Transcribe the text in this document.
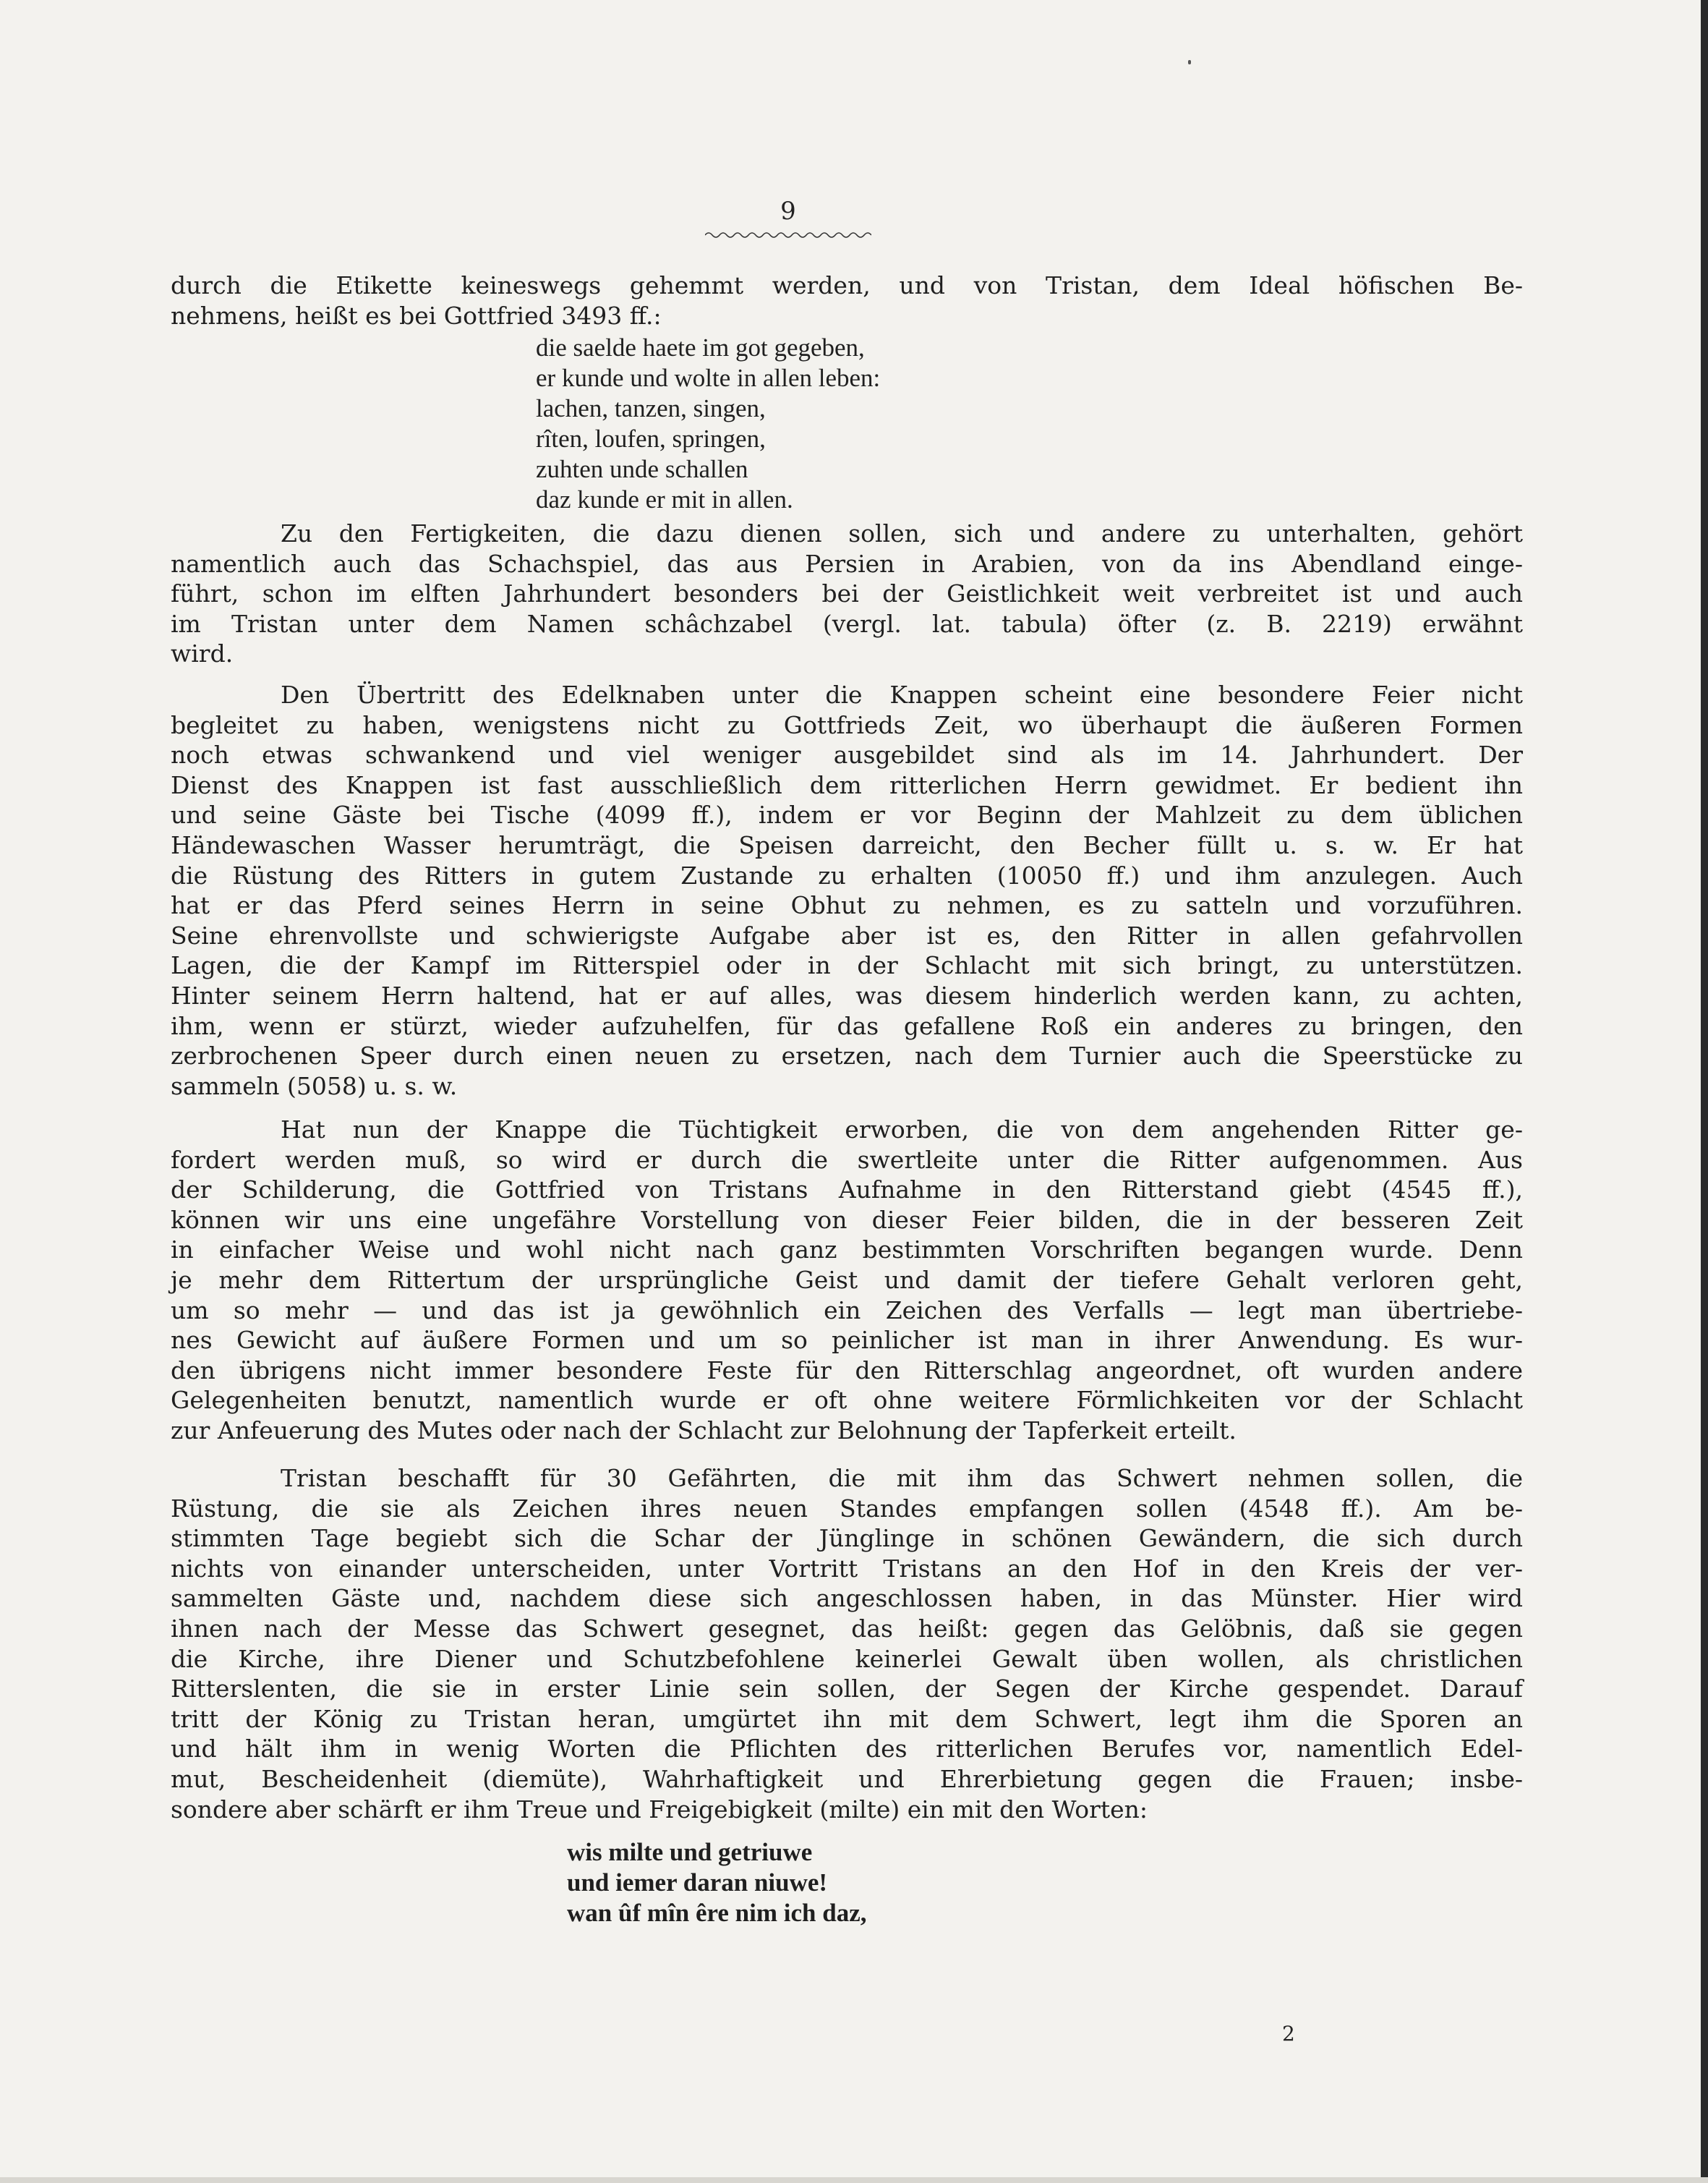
9
durch die Etikette keineswegs gehemmt werden, und von Tristan, dem Ideal höfischen Be-
nehmens, heißt es bei Gottfried 3493 ff.:
die saelde haete im got gegeben,
er kunde und wolte in allen leben:
lachen, tanzen, singen,
rîten, loufen, springen,
zuhten unde schallen
daz kunde er mit in allen.
Zu den Fertigkeiten, die dazu dienen sollen, sich und andere zu unterhalten, gehört
namentlich auch das Schachspiel, das aus Persien in Arabien, von da ins Abendland einge-
führt, schon im elften Jahrhundert besonders bei der Geistlichkeit weit verbreitet ist und auch
im Tristan unter dem Namen schâchzabel (vergl. lat. tabula) öfter (z. B. 2219) erwähnt
wird.
Den Übertritt des Edelknaben unter die Knappen scheint eine besondere Feier nicht
begleitet zu haben, wenigstens nicht zu Gottfrieds Zeit, wo überhaupt die äußeren Formen
noch etwas schwankend und viel weniger ausgebildet sind als im 14. Jahrhundert. Der
Dienst des Knappen ist fast ausschließlich dem ritterlichen Herrn gewidmet. Er bedient ihn
und seine Gäste bei Tische (4099 ff.), indem er vor Beginn der Mahlzeit zu dem üblichen
Händewaschen Wasser herumträgt, die Speisen darreicht, den Becher füllt u. s. w. Er hat
die Rüstung des Ritters in gutem Zustande zu erhalten (10050 ff.) und ihm anzulegen. Auch
hat er das Pferd seines Herrn in seine Obhut zu nehmen, es zu satteln und vorzuführen.
Seine ehrenvollste und schwierigste Aufgabe aber ist es, den Ritter in allen gefahrvollen
Lagen, die der Kampf im Ritterspiel oder in der Schlacht mit sich bringt, zu unterstützen.
Hinter seinem Herrn haltend, hat er auf alles, was diesem hinderlich werden kann, zu achten,
ihm, wenn er stürzt, wieder aufzuhelfen, für das gefallene Roß ein anderes zu bringen, den
zerbrochenen Speer durch einen neuen zu ersetzen, nach dem Turnier auch die Speerstücke zu
sammeln (5058) u. s. w.
Hat nun der Knappe die Tüchtigkeit erworben, die von dem angehenden Ritter ge-
fordert werden muß, so wird er durch die swertleite unter die Ritter aufgenommen. Aus
der Schilderung, die Gottfried von Tristans Aufnahme in den Ritterstand giebt (4545 ff.),
können wir uns eine ungefähre Vorstellung von dieser Feier bilden, die in der besseren Zeit
in einfacher Weise und wohl nicht nach ganz bestimmten Vorschriften begangen wurde. Denn
je mehr dem Rittertum der ursprüngliche Geist und damit der tiefere Gehalt verloren geht,
um so mehr — und das ist ja gewöhnlich ein Zeichen des Verfalls — legt man übertriebe-
nes Gewicht auf äußere Formen und um so peinlicher ist man in ihrer Anwendung. Es wur-
den übrigens nicht immer besondere Feste für den Ritterschlag angeordnet, oft wurden andere
Gelegenheiten benutzt, namentlich wurde er oft ohne weitere Förmlichkeiten vor der Schlacht
zur Anfeuerung des Mutes oder nach der Schlacht zur Belohnung der Tapferkeit erteilt.
Tristan beschafft für 30 Gefährten, die mit ihm das Schwert nehmen sollen, die
Rüstung, die sie als Zeichen ihres neuen Standes empfangen sollen (4548 ff.). Am be-
stimmten Tage begiebt sich die Schar der Jünglinge in schönen Gewändern, die sich durch
nichts von einander unterscheiden, unter Vortritt Tristans an den Hof in den Kreis der ver-
sammelten Gäste und, nachdem diese sich angeschlossen haben, in das Münster. Hier wird
ihnen nach der Messe das Schwert gesegnet, das heißt: gegen das Gelöbnis, daß sie gegen
die Kirche, ihre Diener und Schutzbefohlene keinerlei Gewalt üben wollen, als christlichen
Ritterslenten, die sie in erster Linie sein sollen, der Segen der Kirche gespendet. Darauf
tritt der König zu Tristan heran, umgürtet ihn mit dem Schwert, legt ihm die Sporen an
und hält ihm in wenig Worten die Pflichten des ritterlichen Berufes vor, namentlich Edel-
mut, Bescheidenheit (diemüte), Wahrhaftigkeit und Ehrerbietung gegen die Frauen; insbe-
sondere aber schärft er ihm Treue und Freigebigkeit (milte) ein mit den Worten:
wis milte und getriuwe
und iemer daran niuwe!
wan ûf mîn êre nim ich daz,
2
